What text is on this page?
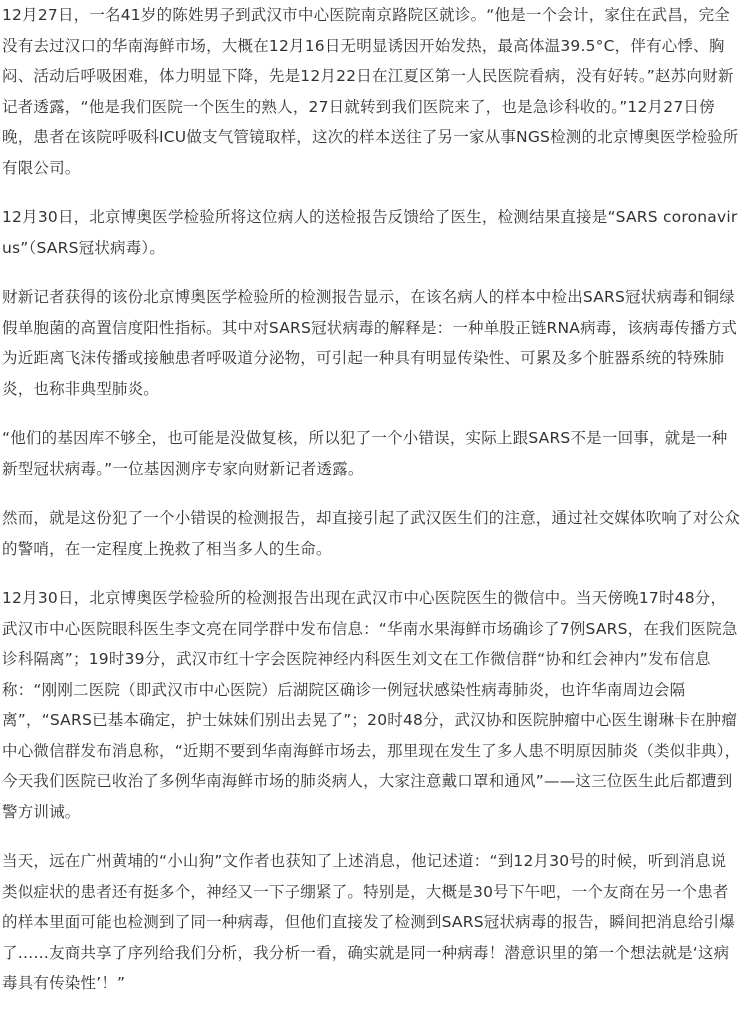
12月27日，一名41岁的陈姓男子到武汉市中心医院南京路院区就诊。“他是一个会计，家住在武昌，完全没有去过汉口的华南海鲜市场，大概在12月16日无明显诱因开始发热，最高体温39.5°C，伴有心悸、胸闷、活动后呼吸困难，体力明显下降，先是12月22日在江夏区第一人民医院看病，没有好转。”赵苏向财新记者透露，“他是我们医院一个医生的熟人，27日就转到我们医院来了，也是急诊科收的。”12月27日傍晚，患者在该院呼吸科ICU做支气管镜取样，这次的样本送往了另一家从事NGS检测的北京博奥医学检验所有限公司。

12月30日，北京博奥医学检验所将这位病人的送检报告反馈给了医生，检测结果直接是“SARS coronavirus”（SARS冠状病毒）。

财新记者获得的该份北京博奥医学检验所的检测报告显示，在该名病人的样本中检出SARS冠状病毒和铜绿假单胞菌的高置信度阳性指标。其中对SARS冠状病毒的解释是：一种单股正链RNA病毒，该病毒传播方式为近距离飞沫传播或接触患者呼吸道分泌物，可引起一种具有明显传染性、可累及多个脏器系统的特殊肺炎，也称非典型肺炎。

“他们的基因库不够全，也可能是没做复核，所以犯了一个小错误，实际上跟SARS不是一回事，就是一种新型冠状病毒。”一位基因测序专家向财新记者透露。

然而，就是这份犯了一个小错误的检测报告，却直接引起了武汉医生们的注意，通过社交媒体吹响了对公众的警哨，在一定程度上挽救了相当多人的生命。

12月30日，北京博奥医学检验所的检测报告出现在武汉市中心医院医生的微信中。当天傍晚17时48分，武汉市中心医院眼科医生李文亮在同学群中发布信息：“华南水果海鲜市场确诊了7例SARS，在我们医院急诊科隔离”；19时39分，武汉市红十字会医院神经内科医生刘文在工作微信群“协和红会神内”发布信息称：“刚刚二医院（即武汉市中心医院）后湖院区确诊一例冠状感染性病毒肺炎，也许华南周边会隔离”，“SARS已基本确定，护士妹妹们别出去晃了”；20时48分，武汉协和医院肿瘤中心医生谢琳卡在肿瘤中心微信群发布消息称，“近期不要到华南海鲜市场去，那里现在发生了多人患不明原因肺炎（类似非典），今天我们医院已收治了多例华南海鲜市场的肺炎病人，大家注意戴口罩和通风”——这三位医生此后都遭到警方训诫。

当天，远在广州黄埔的“小山狗”文作者也获知了上述消息，他记述道：“到12月30号的时候，听到消息说类似症状的患者还有挺多个，神经又一下子绷紧了。特别是，大概是30号下午吧，一个友商在另一个患者的样本里面可能也检测到了同一种病毒，但他们直接发了检测到SARS冠状病毒的报告，瞬间把消息给引爆了……友商共享了序列给我们分析，我分析一看，确实就是同一种病毒！潜意识里的第一个想法就是‘这病毒具有传染性’！”
